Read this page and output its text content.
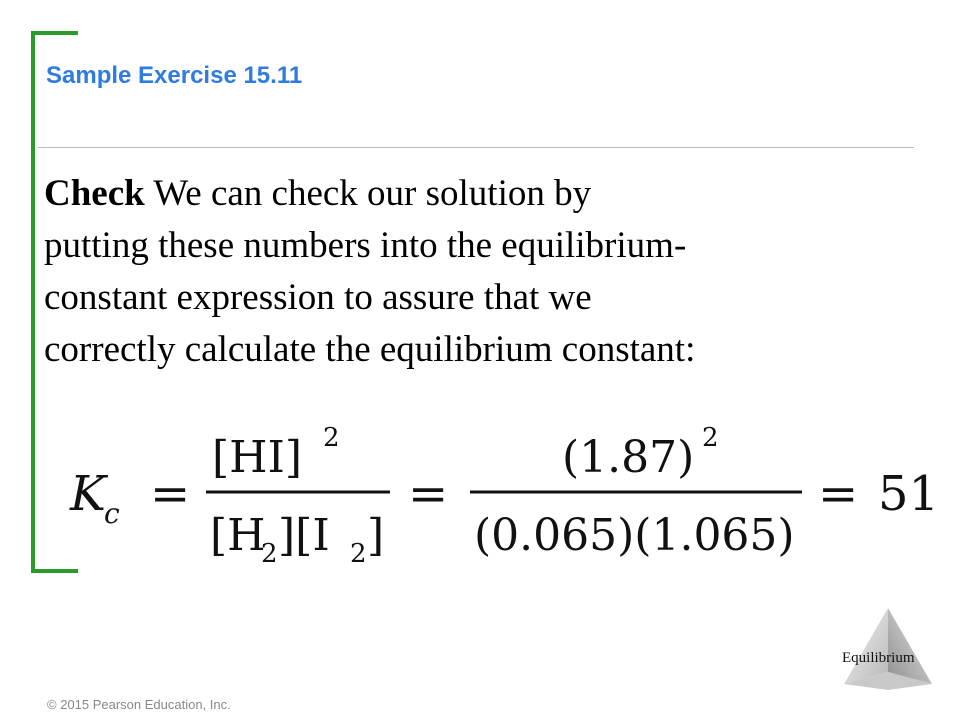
Sample Exercise 15.11

Check We can check our solution by putting these numbers into the equilibrium-constant expression to assure that we correctly calculate the equilibrium constant:

K
c =
[HI] 2
[H
2 ][I 2 ]
=
(1.87) 2
(0.065)(1.065)
= 51
Equilibrium
© 2015 Pearson Education, Inc.
